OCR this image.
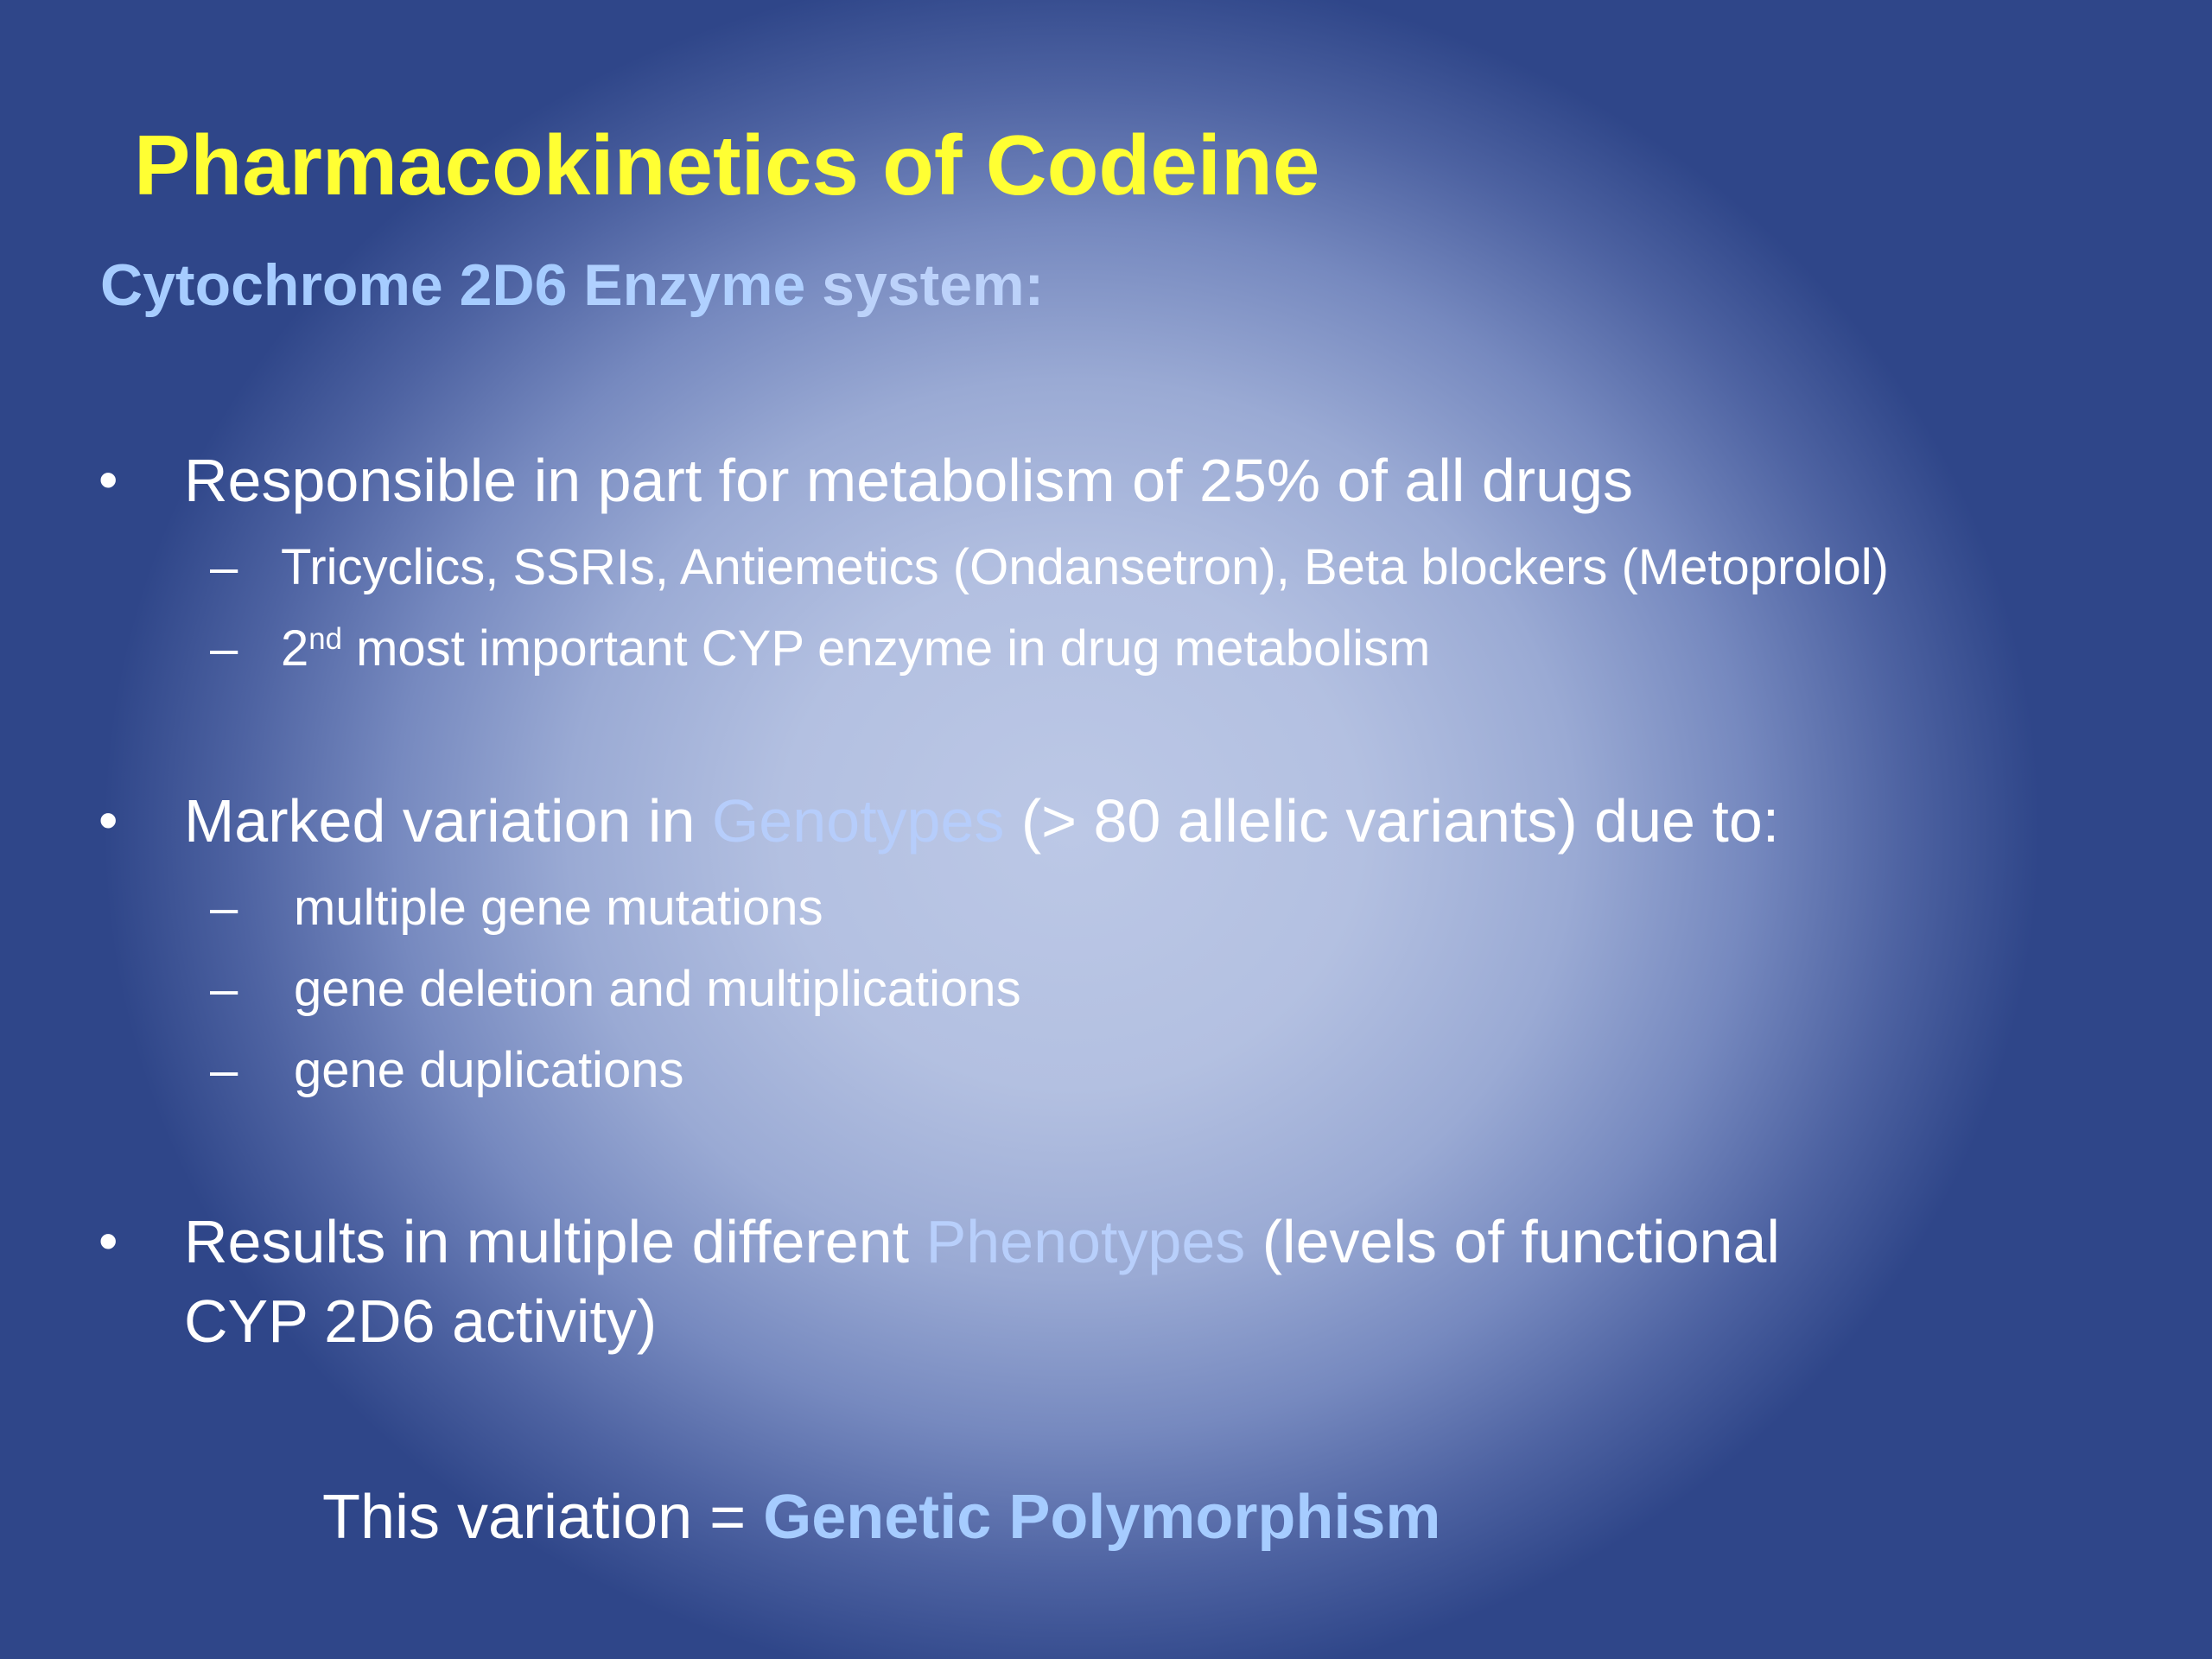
Pharmacokinetics of Codeine
Cytochrome 2D6 Enzyme system:
• Responsible in part for metabolism of 25% of all drugs
– Tricyclics, SSRIs, Antiemetics (Ondansetron), Beta blockers (Metoprolol)
– 2nd most important CYP enzyme in drug metabolism
• Marked variation in Genotypes (> 80 allelic variants) due to:
– multiple gene mutations
– gene deletion and multiplications
– gene duplications
• Results in multiple different Phenotypes (levels of functional
CYP 2D6 activity)
This variation = Genetic Polymorphism
